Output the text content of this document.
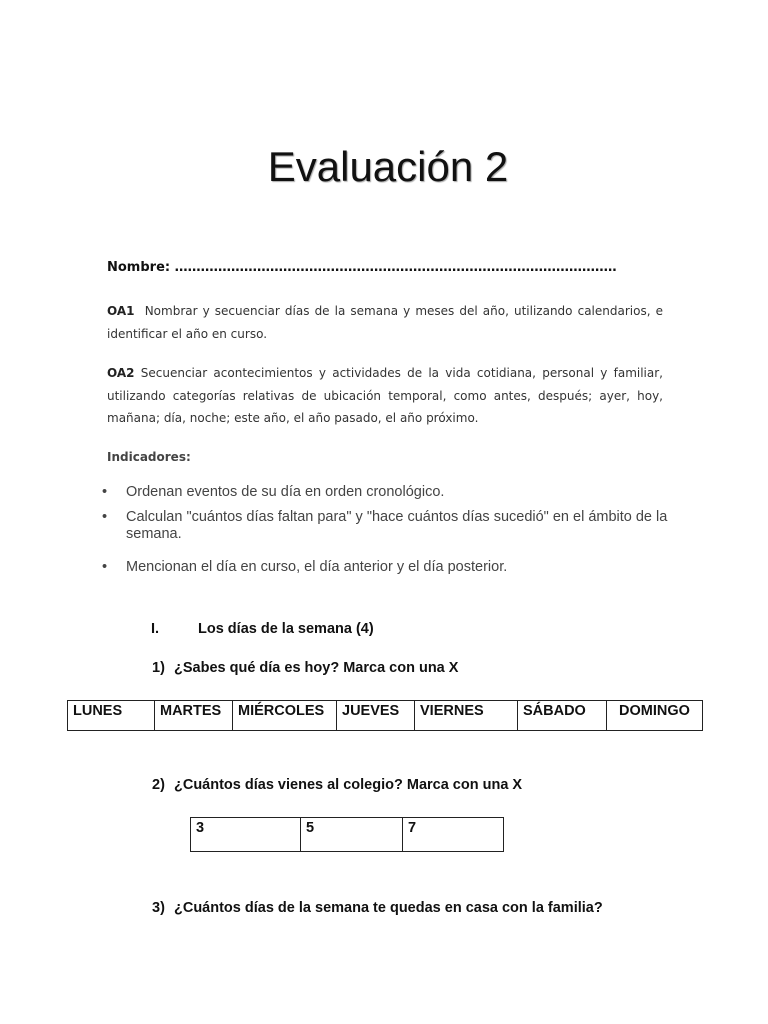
Evaluación 2
Nombre: …………………………………………………………………………………………
OA1 Nombrar y secuenciar días de la semana y meses del año, utilizando calendarios, e identificar el año en curso.
OA2 Secuenciar acontecimientos y actividades de la vida cotidiana, personal y familiar, utilizando categorías relativas de ubicación temporal, como antes, después; ayer, hoy, mañana; día, noche; este año, el año pasado, el año próximo.
Indicadores:
• Ordenan eventos de su día en orden cronológico.
• Calculan "cuántos días faltan para" y "hace cuántos días sucedió" en el ámbito de la semana.
• Mencionan el día en curso, el día anterior y el día posterior.
I.	Los días de la semana (4)
1) ¿Sabes qué día es hoy? Marca con una X
LUNES	MARTES	MIÉRCOLES	JUEVES	VIERNES	SÁBADO	DOMINGO
2) ¿Cuántos días vienes al colegio? Marca con una X
3	5	7
3) ¿Cuántos días de la semana te quedas en casa con la familia?
